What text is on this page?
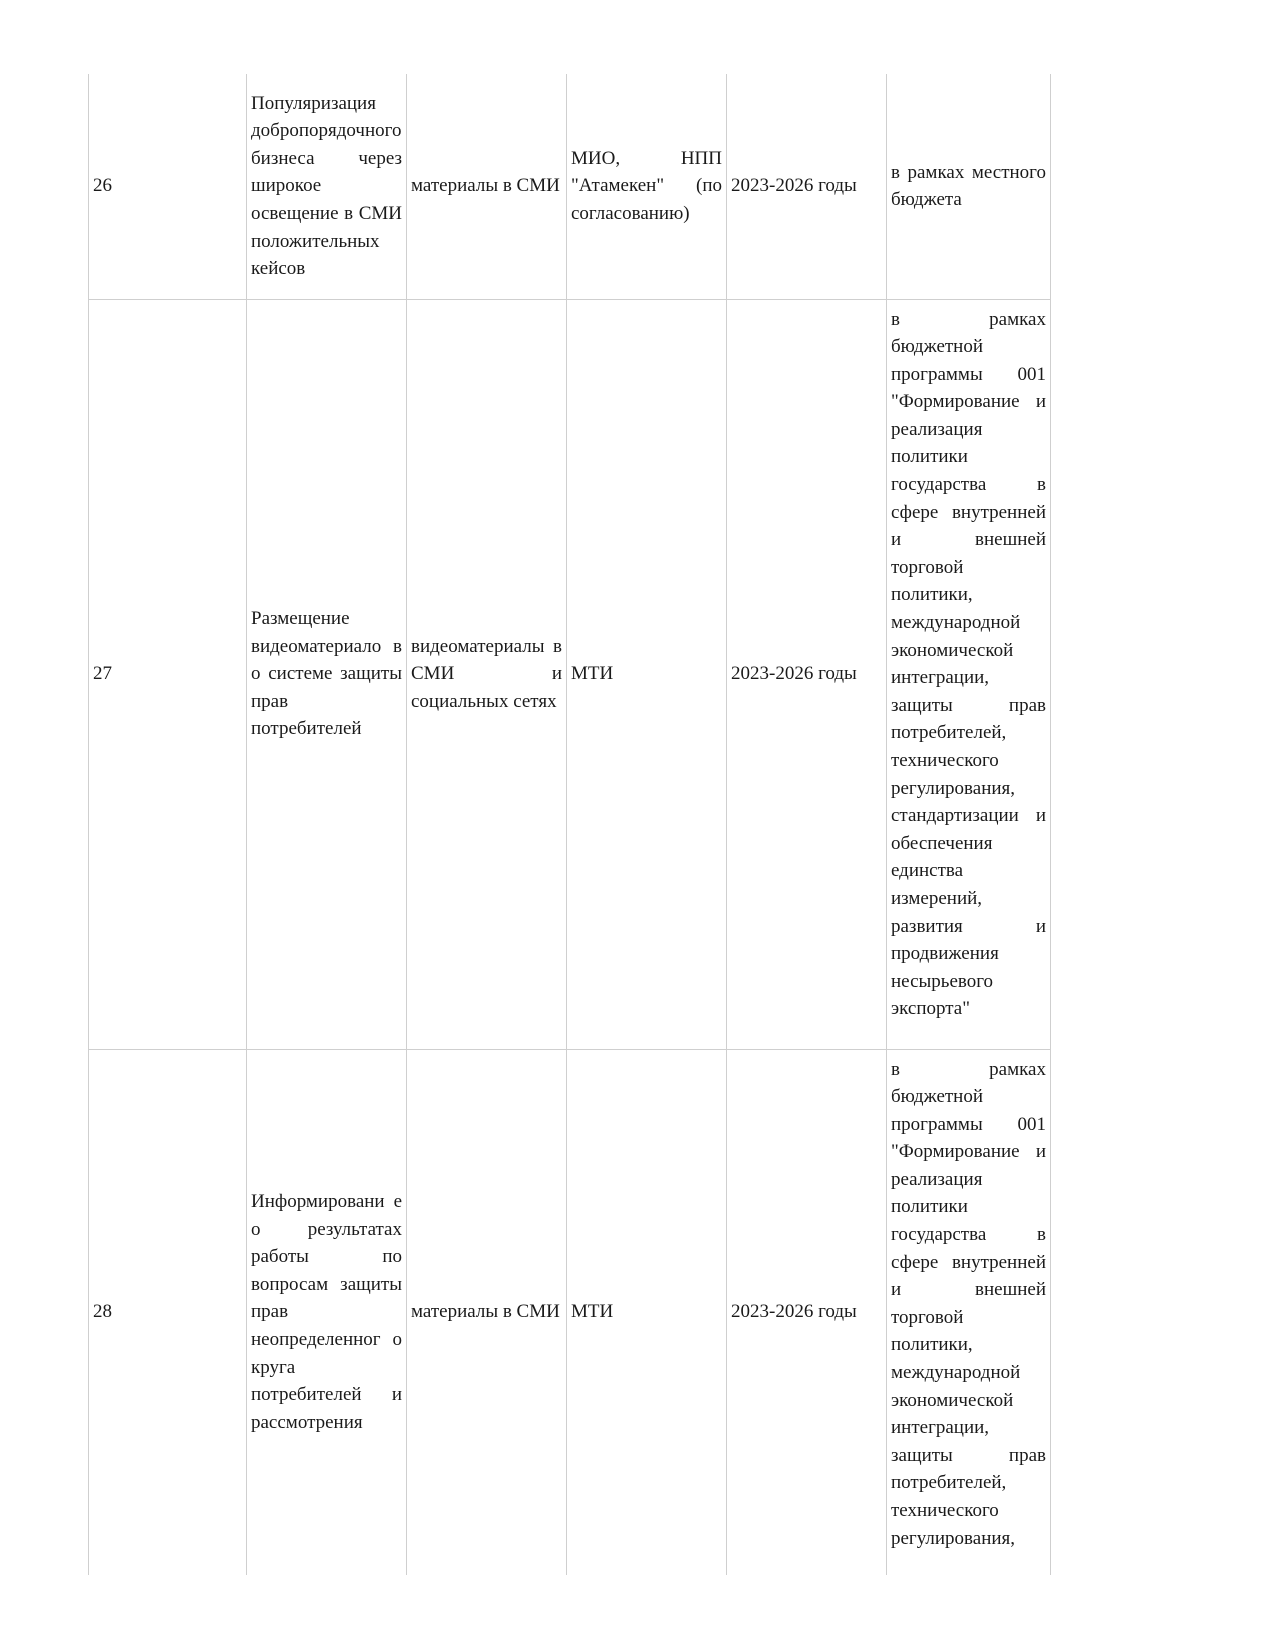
26	Популяризация добропорядочного бизнеса через широкое освещение в СМИ положительных кейсов	материалы в СМИ	МИО, НПП "Атамекен" (по согласованию)	2023-2026 годы	в рамках местного бюджета
27	Размещение видеоматериало в о системе защиты прав потребителей	видеоматериалы в СМИ и социальных сетях	МТИ	2023-2026 годы	в рамках бюджетной программы 001 "Формирование и реализация политики государства в сфере внутренней и внешней торговой политики, международной экономической интеграции, защиты прав потребителей, технического регулирования, стандартизации и обеспечения единства измерений, развития и продвижения несырьевого экспорта"
28	Информировани е о результатах работы по вопросам защиты прав неопределенног о круга потребителей и рассмотрения	материалы в СМИ	МТИ	2023-2026 годы	в рамках бюджетной программы 001 "Формирование и реализация политики государства в сфере внутренней и внешней торговой политики, международной экономической интеграции, защиты прав потребителей, технического регулирования,
